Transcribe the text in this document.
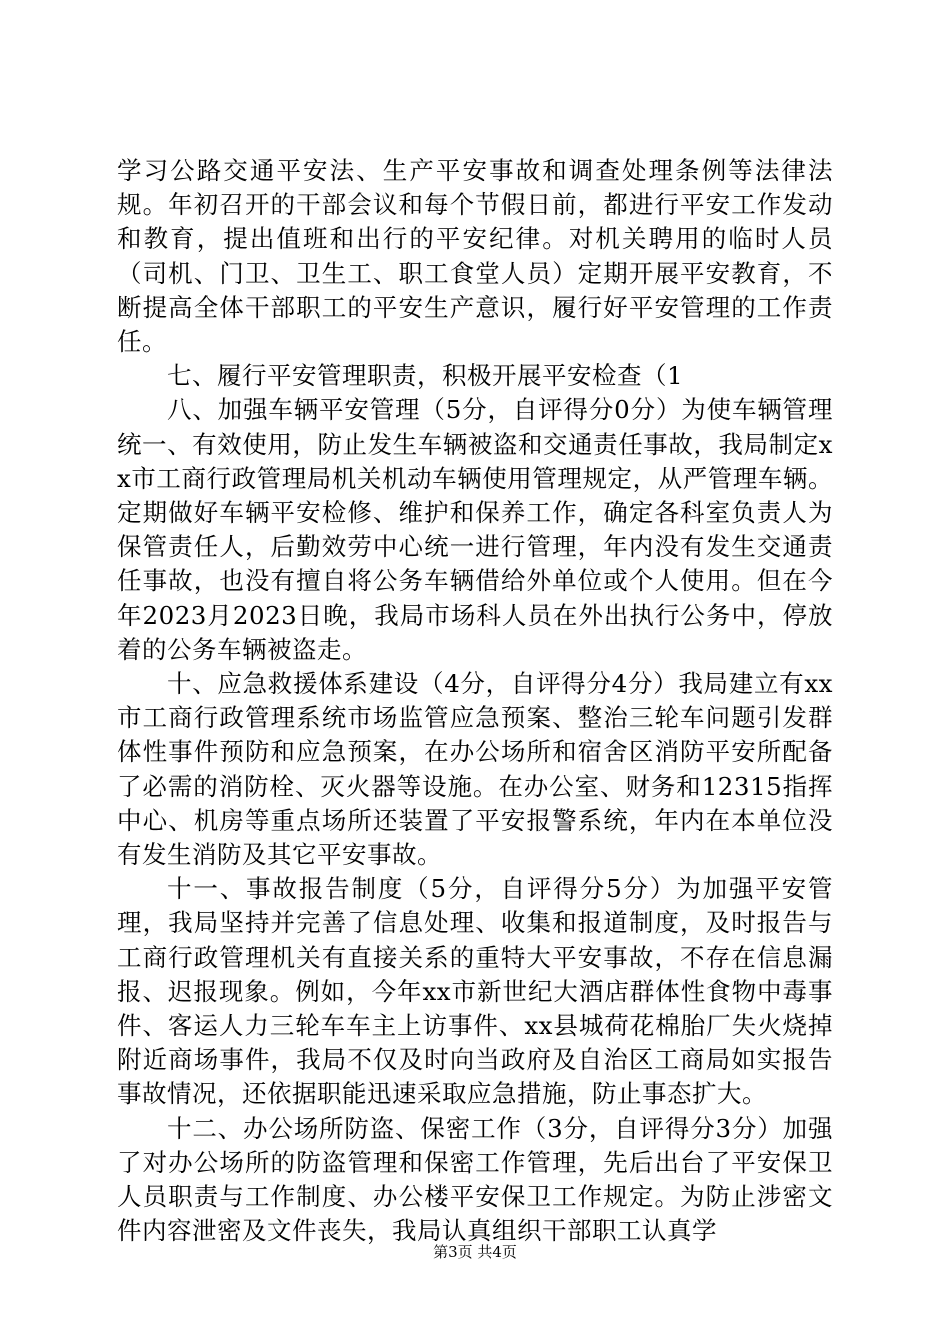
学习公路交通平安法、生产平安事故和调查处理条例等法律法规。年初召开的干部会议和每个节假日前，都进行平安工作发动和教育，提出值班和出行的平安纪律。对机关聘用的临时人员（司机、门卫、卫生工、职工食堂人员）定期开展平安教育，不断提高全体干部职工的平安生产意识，履行好平安管理的工作责任。

七、履行平安管理职责，积极开展平安检查（1

八、加强车辆平安管理（5分，自评得分0分）为使车辆管理统一、有效使用，防止发生车辆被盗和交通责任事故，我局制定xx市工商行政管理局机关机动车辆使用管理规定，从严管理车辆。定期做好车辆平安检修、维护和保养工作，确定各科室负责人为保管责任人，后勤效劳中心统一进行管理，年内没有发生交通责任事故，也没有擅自将公务车辆借给外单位或个人使用。但在今年2023月2023日晚，我局市场科人员在外出执行公务中，停放着的公务车辆被盗走。

十、应急救援体系建设（4分，自评得分4分）我局建立有xx市工商行政管理系统市场监管应急预案、整治三轮车问题引发群体性事件预防和应急预案，在办公场所和宿舍区消防平安所配备了必需的消防栓、灭火器等设施。在办公室、财务和12315指挥中心、机房等重点场所还装置了平安报警系统，年内在本单位没有发生消防及其它平安事故。

十一、事故报告制度（5分，自评得分5分）为加强平安管理，我局坚持并完善了信息处理、收集和报道制度，及时报告与工商行政管理机关有直接关系的重特大平安事故，不存在信息漏报、迟报现象。例如，今年xx市新世纪大酒店群体性食物中毒事件、客运人力三轮车车主上访事件、xx县城荷花棉胎厂失火烧掉附近商场事件，我局不仅及时向当政府及自治区工商局如实报告事故情况，还依据职能迅速采取应急措施，防止事态扩大。

十二、办公场所防盗、保密工作（3分，自评得分3分）加强了对办公场所的防盗管理和保密工作管理，先后出台了平安保卫人员职责与工作制度、办公楼平安保卫工作规定。为防止涉密文件内容泄密及文件丧失，我局认真组织干部职工认真学

第3页 共4页
